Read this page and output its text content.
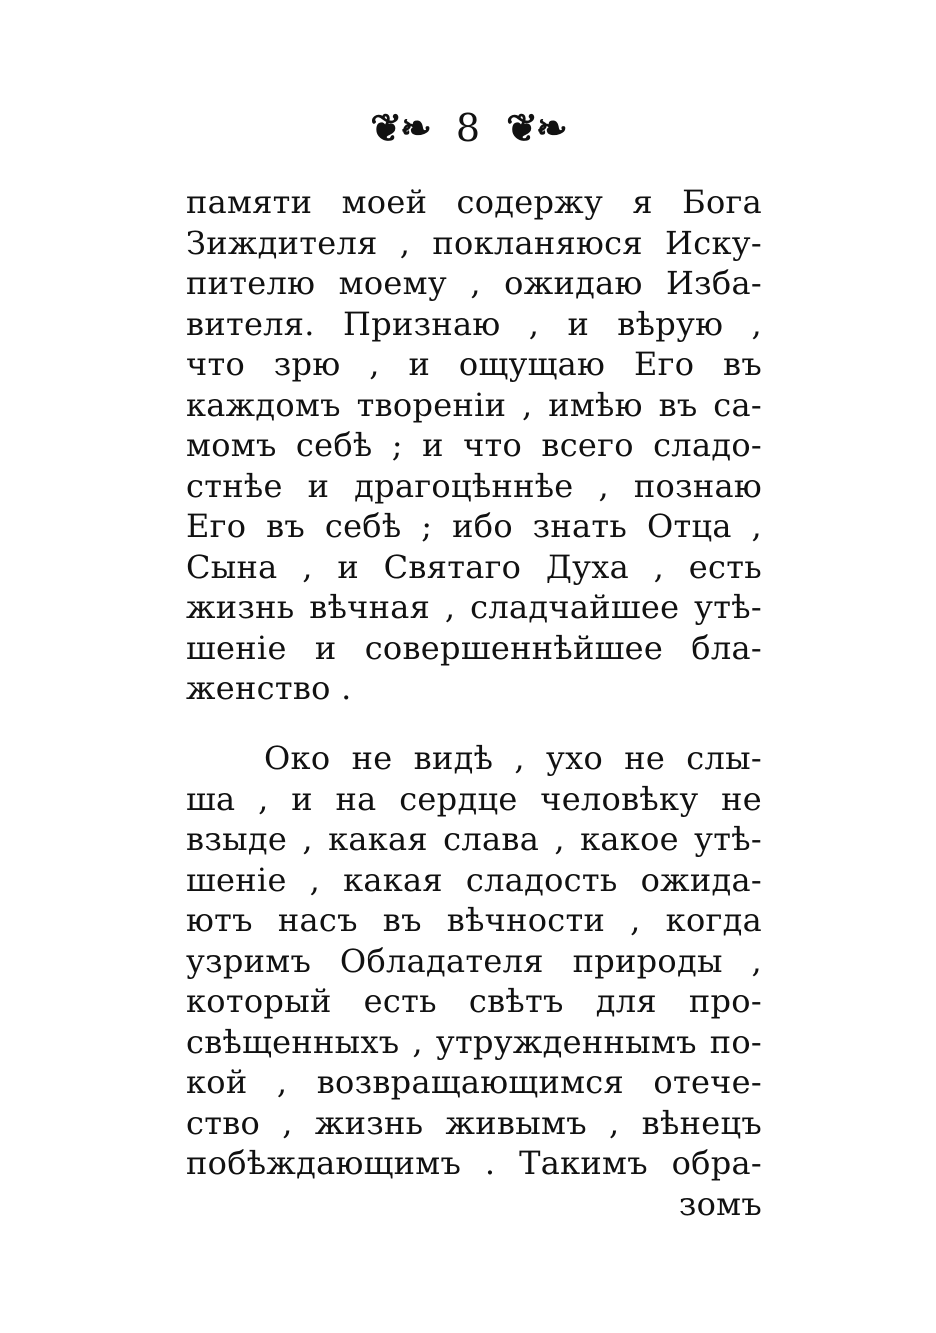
❦❧ 8 ❦❧
памяти моей содержу я Бога
Зиждителя , покланяюся Иску-
пителю моему , ожидаю Изба-
вителя. Признаю , и вѣрую ,
что зрю , и ощущаю Его въ
каждомъ твореніи , имѣю въ са-
момъ себѣ ; и что всего сладо-
стнѣе и драгоцѣннѣе , познаю
Его въ себѣ ; ибо знать Отца ,
Сына , и Святаго Духа , есть
жизнь вѣчная , сладчайшее утѣ-
шеніе и совершеннѣйшее бла-
женство .
Око не видѣ , ухо не слы-
ша , и на сердце человѣку не
взыде , какая слава , какое утѣ-
шеніе , какая сладость ожида-
ютъ насъ въ вѣчности , когда
узримъ Обладателя природы ,
который есть свѣтъ для про-
свѣщенныхъ , утружденнымъ по-
кой , возвращающимся отече-
ство , жизнь живымъ , вѣнецъ
побѣждающимъ . Такимъ обра-
зомъ
